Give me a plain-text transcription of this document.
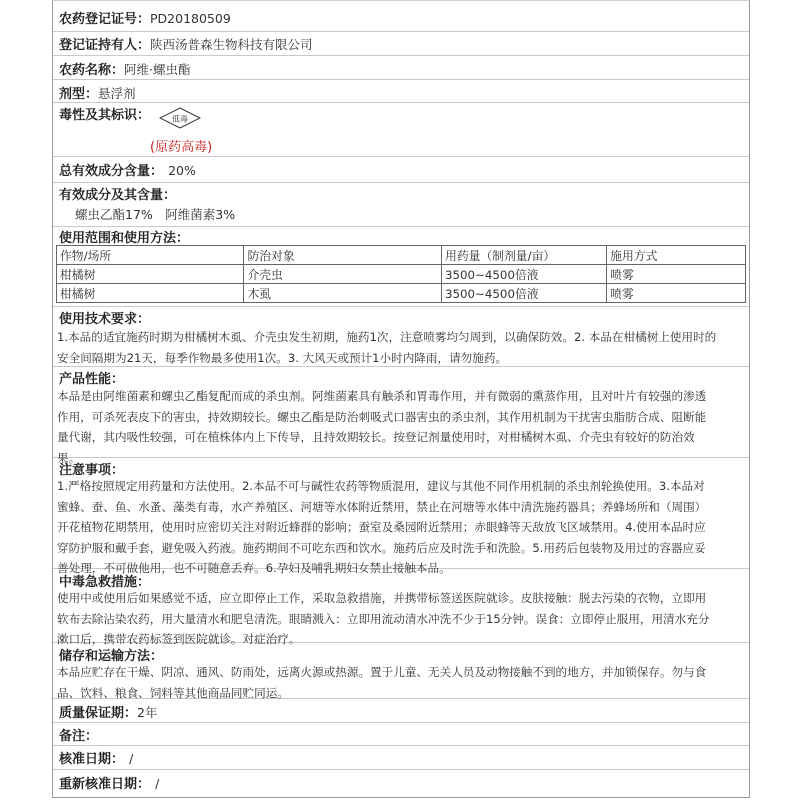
农药登记证号：PD20180509
登记证持有人：陕西汤普森生物科技有限公司
农药名称：阿维·螺虫酯
剂型：悬浮剂
毒性及其标识：	低毒
(原药高毒)
总有效成分含量： 20%
有效成分及其含量：
螺虫乙酯17%　阿维菌素3%
使用范围和使用方法：
作物/场所	防治对象	用药量（制剂量/亩）	施用方式
柑橘树	介壳虫	3500~4500倍液	喷雾
柑橘树	木虱	3500~4500倍液	喷雾
使用技术要求：
1.本品的适宜施药时期为柑橘树木虱、介壳虫发生初期，施药1次，注意喷雾均匀周到，以确保防效。2. 本品在柑橘树上使用时的
安全间隔期为21天，每季作物最多使用1次。3. 大风天或预计1小时内降雨，请勿施药。
产品性能：
本品是由阿维菌素和螺虫乙酯复配而成的杀虫剂。阿维菌素具有触杀和胃毒作用，并有微弱的熏蒸作用，且对叶片有较强的渗透
作用，可杀死表皮下的害虫，持效期较长。螺虫乙酯是防治刺吸式口器害虫的杀虫剂，其作用机制为干扰害虫脂肪合成、阻断能
量代谢，其内吸性较强，可在植株体内上下传导，且持效期较长。按登记剂量使用时，对柑橘树木虱、介壳虫有较好的防治效
果。
注意事项：
1.严格按照规定用药量和方法使用。2.本品不可与碱性农药等物质混用，建议与其他不同作用机制的杀虫剂轮换使用。3.本品对
蜜蜂、蚕、鱼、水蚤、藻类有毒，水产养殖区、河塘等水体附近禁用，禁止在河塘等水体中清洗施药器具；养蜂场所和（周围）
开花植物花期禁用，使用时应密切关注对附近蜂群的影响；蚕室及桑园附近禁用；赤眼蜂等天敌放飞区域禁用。4.使用本品时应
穿防护服和戴手套，避免吸入药液。施药期间不可吃东西和饮水。施药后应及时洗手和洗脸。5.用药后包装物及用过的容器应妥
善处理，不可做他用，也不可随意丢弃。6.孕妇及哺乳期妇女禁止接触本品。
中毒急救措施：
使用中或使用后如果感觉不适，应立即停止工作，采取急救措施，并携带标签送医院就诊。皮肤接触：脱去污染的衣物，立即用
软布去除沾染农药，用大量清水和肥皂清洗。眼睛溅入：立即用流动清水冲洗不少于15分钟。误食：立即停止服用，用清水充分
漱口后，携带农药标签到医院就诊。对症治疗。
储存和运输方法：
本品应贮存在干燥、阴凉、通风、防雨处，远离火源或热源。置于儿童、无关人员及动物接触不到的地方，并加锁保存。勿与食
品、饮料、粮食、饲料等其他商品同贮同运。
质量保证期：2年
备注：
核准日期： /
重新核准日期： /
